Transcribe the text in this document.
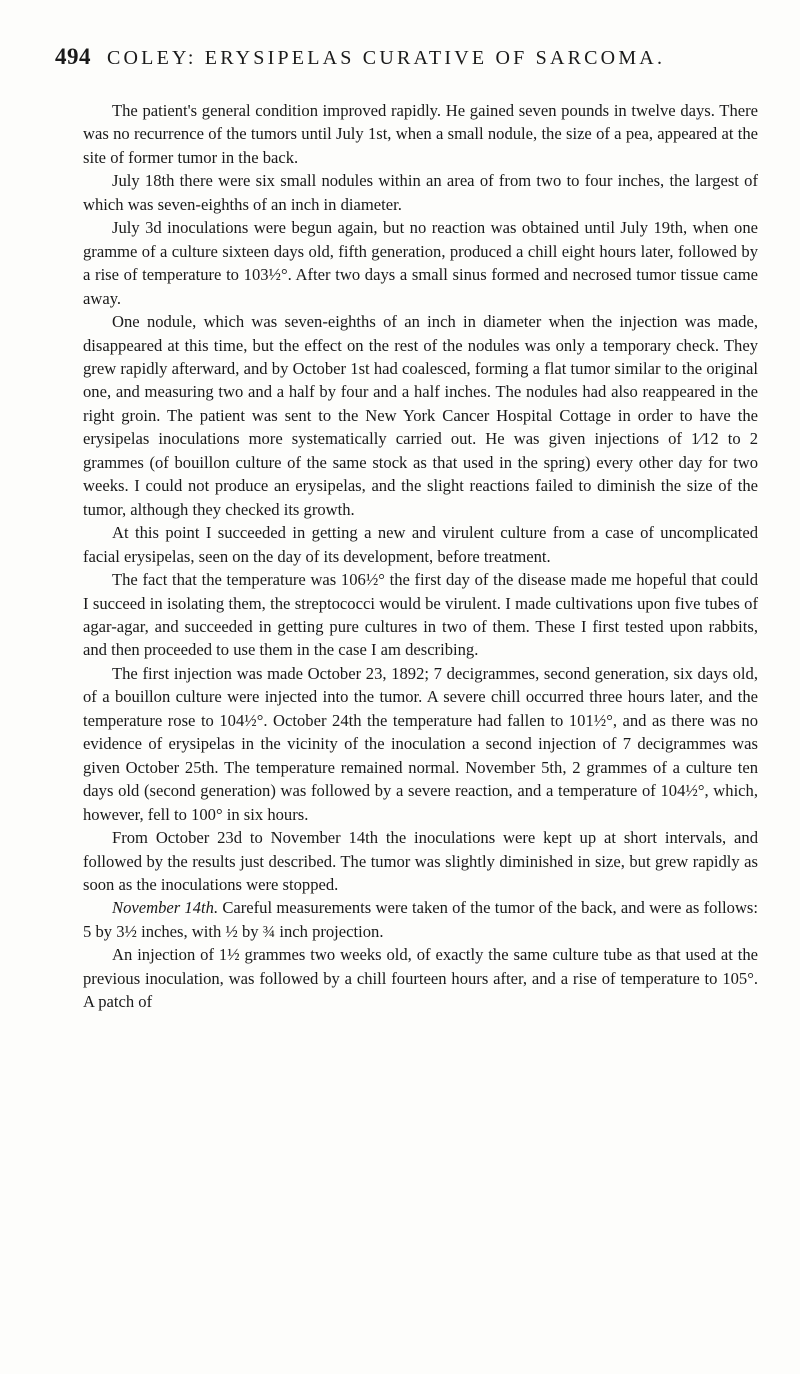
494 COLEY: ERYSIPELAS CURATIVE OF SARCOMA.

The patient's general condition improved rapidly. He gained seven pounds in twelve days. There was no recurrence of the tumors until July 1st, when a small nodule, the size of a pea, appeared at the site of former tumor in the back.

July 18th there were six small nodules within an area of from two to four inches, the largest of which was seven-eighths of an inch in diameter.

July 3d inoculations were begun again, but no reaction was obtained until July 19th, when one gramme of a culture sixteen days old, fifth generation, produced a chill eight hours later, followed by a rise of temperature to 103½°. After two days a small sinus formed and necrosed tumor tissue came away.

One nodule, which was seven-eighths of an inch in diameter when the injection was made, disappeared at this time, but the effect on the rest of the nodules was only a temporary check. They grew rapidly afterward, and by October 1st had coalesced, forming a flat tumor similar to the original one, and measuring two and a half by four and a half inches. The nodules had also reappeared in the right groin. The patient was sent to the New York Cancer Hospital Cottage in order to have the erysipelas inoculations more systematically carried out. He was given injections of 1⁄12 to 2 grammes (of bouillon culture of the same stock as that used in the spring) every other day for two weeks. I could not produce an erysipelas, and the slight reactions failed to diminish the size of the tumor, although they checked its growth.

At this point I succeeded in getting a new and virulent culture from a case of uncomplicated facial erysipelas, seen on the day of its development, before treatment.

The fact that the temperature was 106½° the first day of the disease made me hopeful that could I succeed in isolating them, the streptococci would be virulent. I made cultivations upon five tubes of agar-agar, and succeeded in getting pure cultures in two of them. These I first tested upon rabbits, and then proceeded to use them in the case I am describing.

The first injection was made October 23, 1892; 7 decigrammes, second generation, six days old, of a bouillon culture were injected into the tumor. A severe chill occurred three hours later, and the temperature rose to 104½°. October 24th the temperature had fallen to 101½°, and as there was no evidence of erysipelas in the vicinity of the inoculation a second injection of 7 decigrammes was given October 25th. The temperature remained normal. November 5th, 2 grammes of a culture ten days old (second generation) was followed by a severe reaction, and a temperature of 104½°, which, however, fell to 100° in six hours.

From October 23d to November 14th the inoculations were kept up at short intervals, and followed by the results just described. The tumor was slightly diminished in size, but grew rapidly as soon as the inoculations were stopped.

November 14th. Careful measurements were taken of the tumor of the back, and were as follows: 5 by 3½ inches, with ½ by ¾ inch projection.

An injection of 1½ grammes two weeks old, of exactly the same culture tube as that used at the previous inoculation, was followed by a chill fourteen hours after, and a rise of temperature to 105°. A patch of
